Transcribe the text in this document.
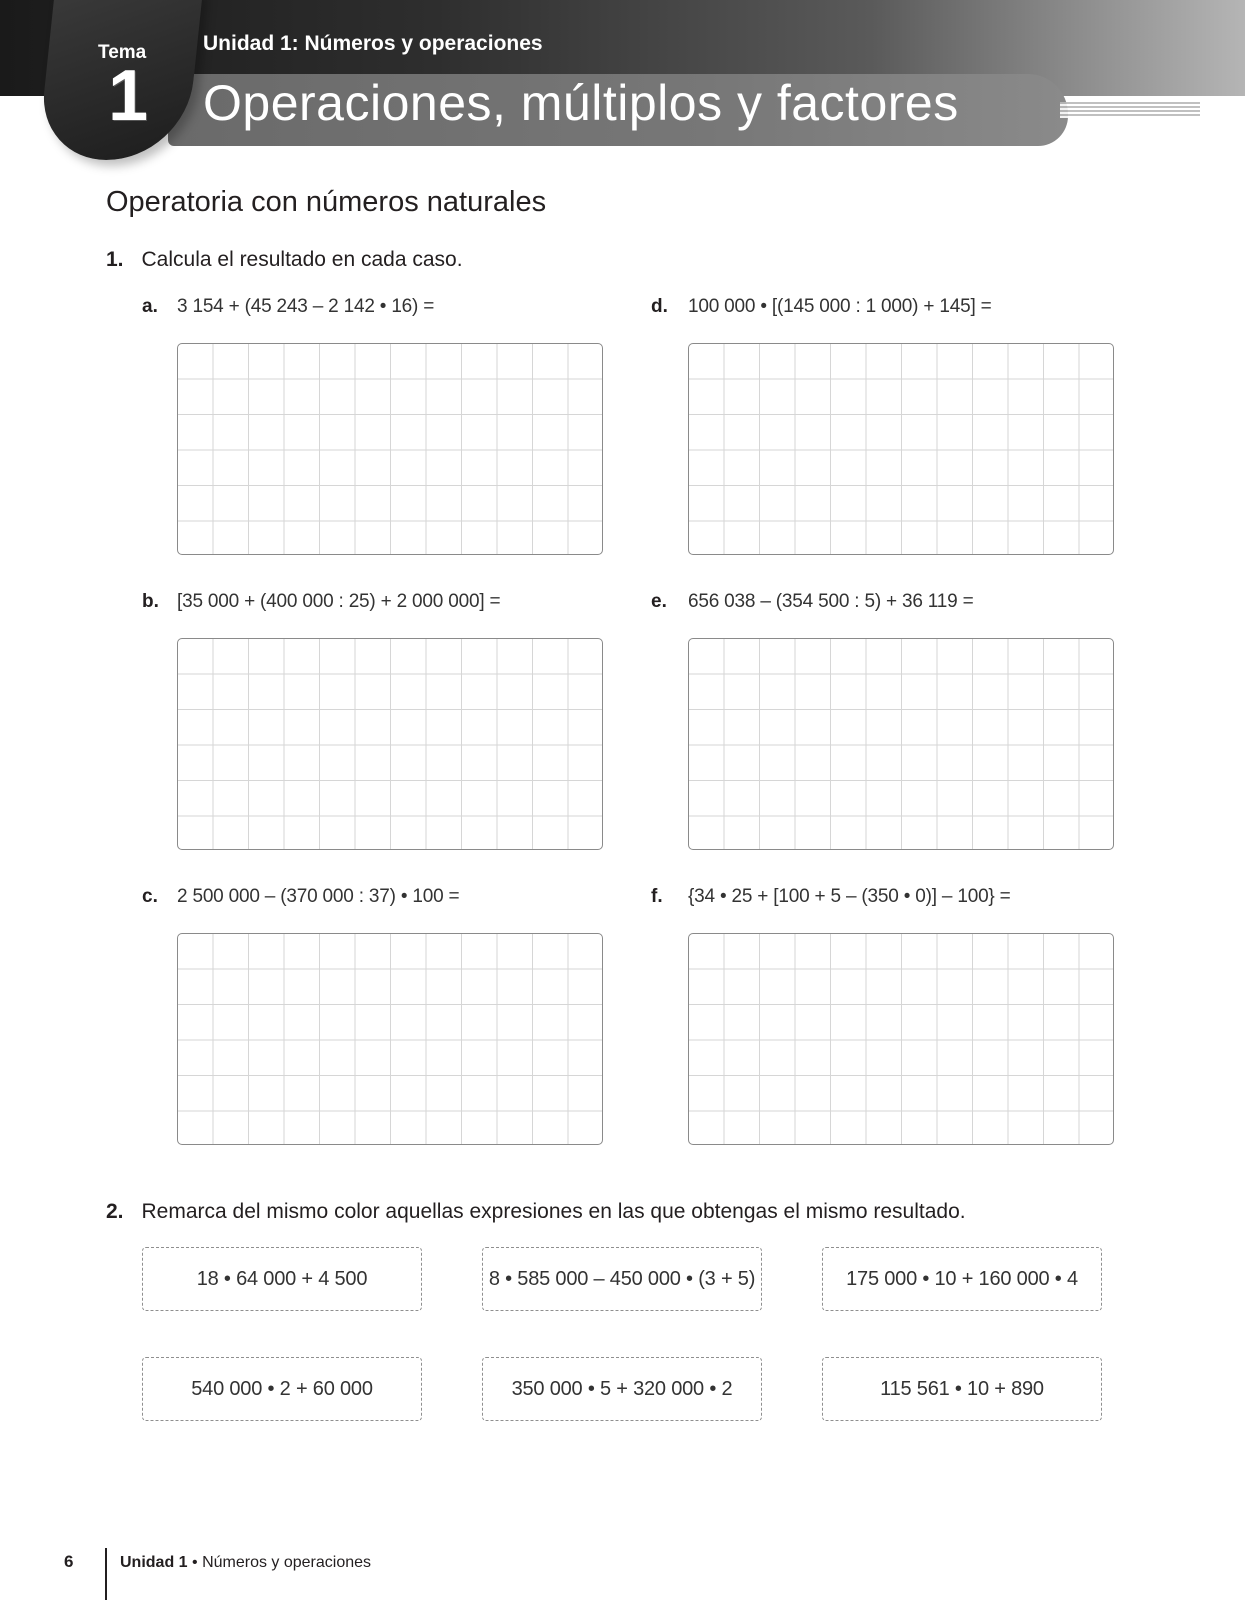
Tema
1
Unidad 1: Números y operaciones
Operaciones, múltiplos y factores
Operatoria con números naturales
1. Calcula el resultado en cada caso.
a. 3 154 + (45 243 – 2 142 • 16) =	d. 100 000 • [(145 000 : 1 000) + 145] =
b. [35 000 + (400 000 : 25) + 2 000 000] =	e. 656 038 – (354 500 : 5) + 36 119 =
c. 2 500 000 – (370 000 : 37) • 100 =	f. {34 • 25 + [100 + 5 – (350 • 0)] – 100} =
2. Remarca del mismo color aquellas expresiones en las que obtengas el mismo resultado.
18 • 64 000 + 4 500	8 • 585 000 – 450 000 • (3 + 5)	175 000 • 10 + 160 000 • 4
540 000 • 2 + 60 000	350 000 • 5 + 320 000 • 2	115 561 • 10 + 890
6	Unidad 1 • Números y operaciones
